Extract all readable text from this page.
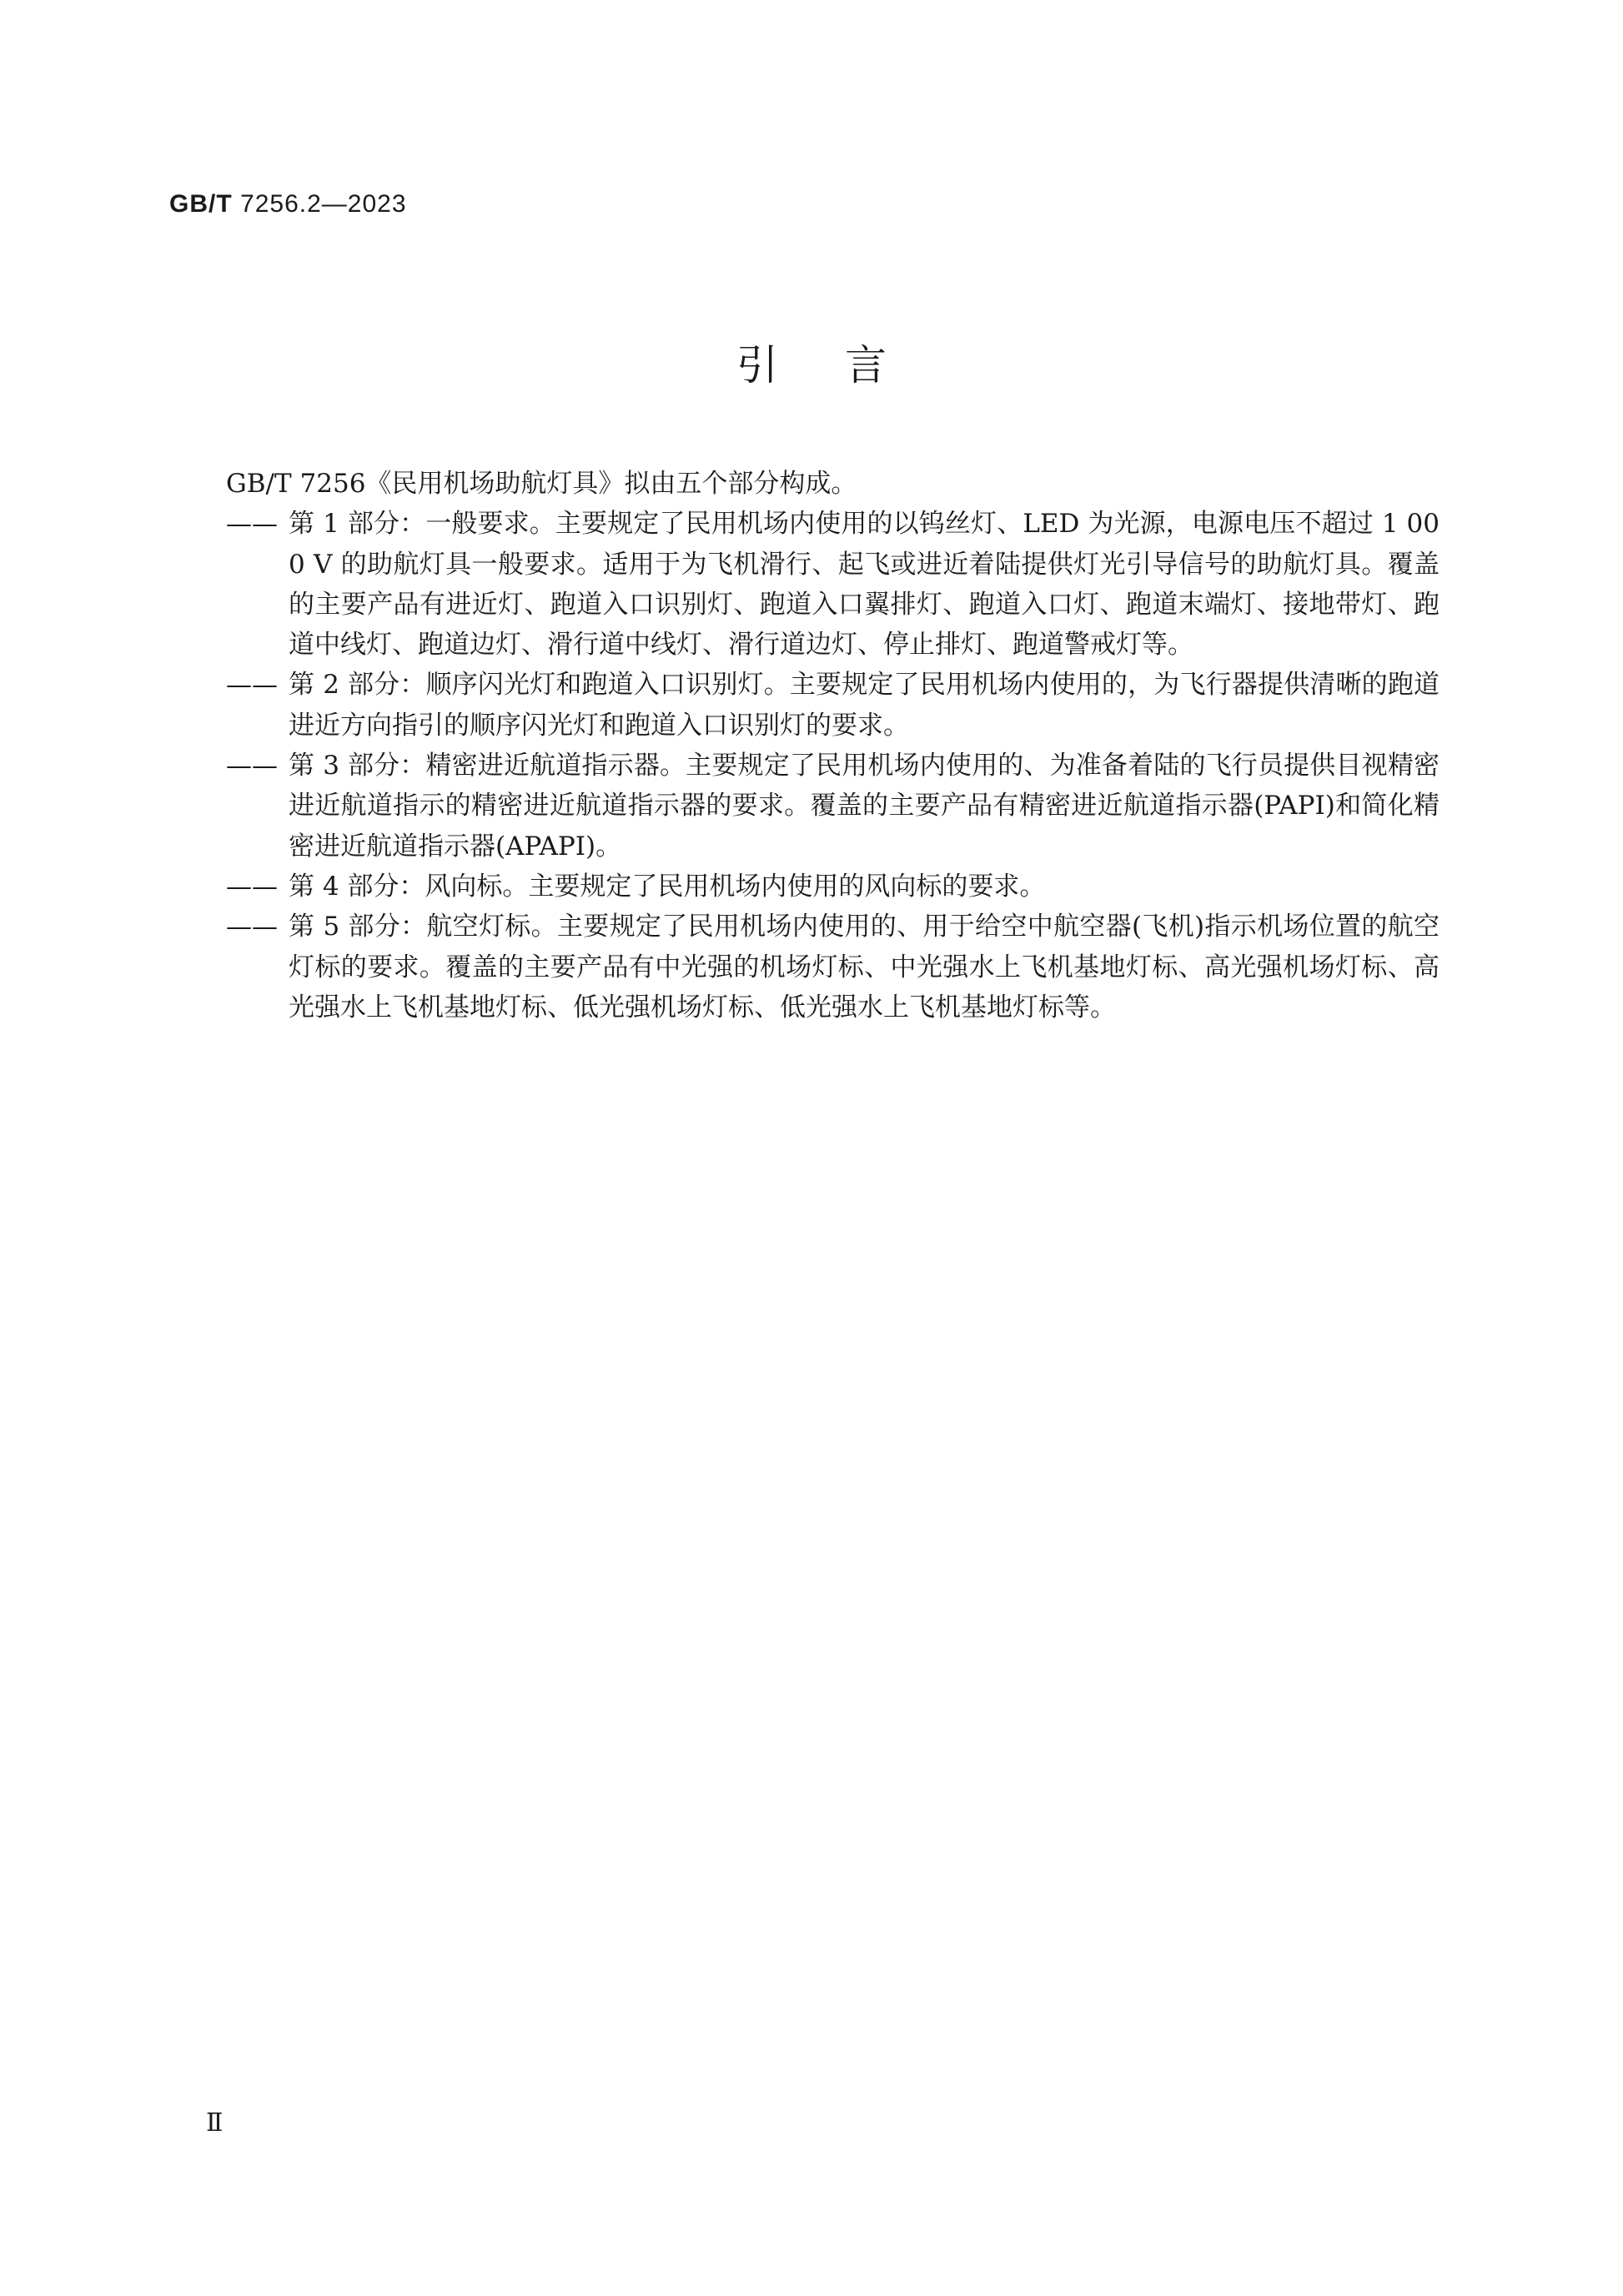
GB/T 7256.2—2023
引言

GB/T 7256《民用机场助航灯具》拟由五个部分构成。

—— 第 1 部分：一般要求。主要规定了民用机场内使用的以钨丝灯、LED 为光源，电源电压不超过 1 000 V 的助航灯具一般要求。适用于为飞机滑行、起飞或进近着陆提供灯光引导信号的助航灯具。覆盖的主要产品有进近灯、跑道入口识别灯、跑道入口翼排灯、跑道入口灯、跑道末端灯、接地带灯、跑道中线灯、跑道边灯、滑行道中线灯、滑行道边灯、停止排灯、跑道警戒灯等。
—— 第 2 部分：顺序闪光灯和跑道入口识别灯。主要规定了民用机场内使用的，为飞行器提供清晰的跑道进近方向指引的顺序闪光灯和跑道入口识别灯的要求。
—— 第 3 部分：精密进近航道指示器。主要规定了民用机场内使用的、为准备着陆的飞行员提供目视精密进近航道指示的精密进近航道指示器的要求。覆盖的主要产品有精密进近航道指示器(PAPI)和简化精密进近航道指示器(APAPI)。
—— 第 4 部分：风向标。主要规定了民用机场内使用的风向标的要求。
—— 第 5 部分：航空灯标。主要规定了民用机场内使用的、用于给空中航空器(飞机)指示机场位置的航空灯标的要求。覆盖的主要产品有中光强的机场灯标、中光强水上飞机基地灯标、高光强机场灯标、高光强水上飞机基地灯标、低光强机场灯标、低光强水上飞机基地灯标等。
Ⅱ
